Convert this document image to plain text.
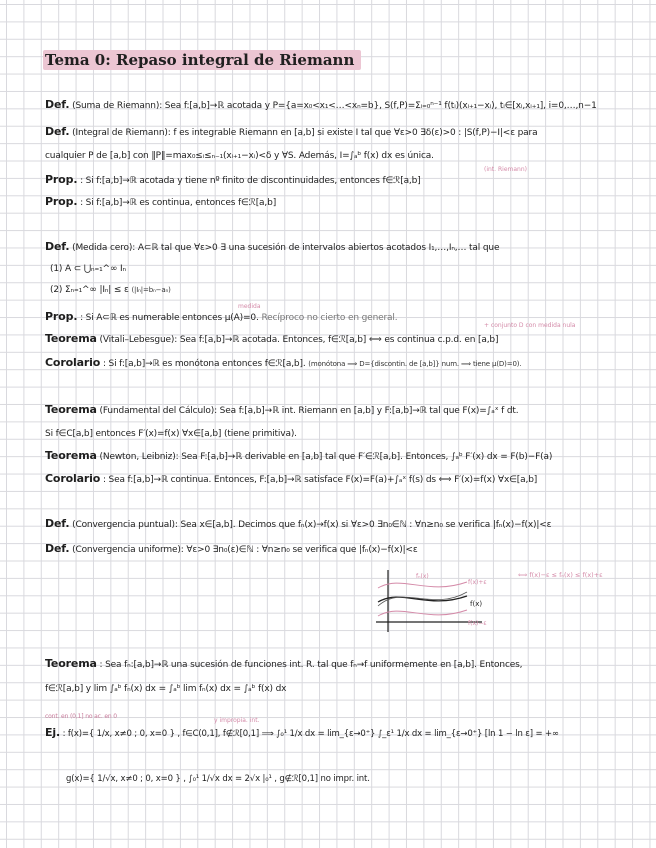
Tema 0: Repaso integral de Riemann
Def. (Suma de Riemann): Sea f:[a,b]→ℝ acotada y P={a=x₀<x₁<…<xₙ=b}, S(f,P)=Σᵢ₌₀ⁿ⁻¹ f(tᵢ)(xᵢ₊₁−xᵢ), tᵢ∈[xᵢ,xᵢ₊₁], i=0,…,n−1
Def. (Integral de Riemann): f es integrable Riemann en [a,b] si existe I tal que ∀ε>0 ∃δ(ε)>0 : |S(f,P)−I|<ε para
cualquier P de [a,b] con ‖P‖=max₀≤ᵢ≤ₙ₋₁(xᵢ₊₁−xᵢ)<δ y ∀S. Además, I=∫ₐᵇ f(x) dx es única.
(int. Riemann)
Prop. : Si f:[a,b]→ℝ acotada y tiene nº finito de discontinuidades, entonces f∈ℛ[a,b]
Prop. : Si f:[a,b]→ℝ es continua, entonces f∈ℛ[a,b]
Def. (Medida cero): A⊂ℝ tal que ∀ε>0 ∃ una sucesión de intervalos abiertos acotados I₁,…,Iₙ,… tal que
(1) A ⊂ ⋃ₙ₌₁^∞ Iₙ
(2) Σₙ₌₁^∞ |Iₙ| ≤ ε (|Iₙ|=bₙ−aₙ)
medida
Prop. : Si A⊂ℝ es numerable entonces μ(A)=0. Recíproco no cierto en general.
+ conjunto D con medida nula
Teorema (Vitali–Lebesgue): Sea f:[a,b]→ℝ acotada. Entonces, f∈ℛ[a,b] ⟺ es continua c.p.d. en [a,b]
Corolario : Si f:[a,b]→ℝ es monótona entonces f∈ℛ[a,b]. (monótona ⟹ D={discontin. de [a,b]} num. ⟹ tiene μ(D)=0).
Teorema (Fundamental del Cálculo): Sea f:[a,b]→ℝ int. Riemann en [a,b] y F:[a,b]→ℝ tal que F(x)=∫ₐˣ f dt.
Si f∈C[a,b] entonces F′(x)=f(x) ∀x∈[a,b] (tiene primitiva).
Teorema (Newton, Leibniz): Sea F:[a,b]→ℝ derivable en [a,b] tal que F′∈ℛ[a,b]. Entonces, ∫ₐᵇ F′(x) dx = F(b)−F(a)
Corolario : Sea f:[a,b]→ℝ continua. Entonces, F:[a,b]→ℝ satisface F(x)=F(a)+∫ₐˣ f(s) ds ⟺ F′(x)=f(x) ∀x∈[a,b]
Def. (Convergencia puntual): Sea x∈[a,b]. Decimos que fₙ(x)→f(x) si ∀ε>0 ∃n₀∈ℕ : ∀n≥n₀ se verifica |fₙ(x)−f(x)|<ε
Def. (Convergencia uniforme): ∀ε>0 ∃n₀(ε)∈ℕ : ∀n≥n₀ se verifica que |fₙ(x)−f(x)|<ε
⟺ f(x)−ε ≤ fₙ(x) ≤ f(x)+ε
f(x)+ε
f(x)
f(x)−ε
fₙ(x)
Teorema : Sea fₙ:[a,b]→ℝ una sucesión de funciones int. R. tal que fₙ→f uniformemente en [a,b]. Entonces,
f∈ℛ[a,b] y lim ∫ₐᵇ fₙ(x) dx = ∫ₐᵇ lim fₙ(x) dx = ∫ₐᵇ f(x) dx
cont. en (0,1] no ac. en 0
y impropia. int.
Ej. : f(x)={ 1/x, x≠0 ; 0, x=0 } , f∈C(0,1], f∉ℛ[0,1] ⟹ ∫₀¹ 1/x dx = lim_{ε→0⁺} ∫_ε¹ 1/x dx = lim_{ε→0⁺} [ln 1 − ln ε] = +∞
g(x)={ 1/√x, x≠0 ; 0, x=0 } , ∫₀¹ 1/√x dx = 2√x |₀¹ , g∉ℛ[0,1] no impr. int.
